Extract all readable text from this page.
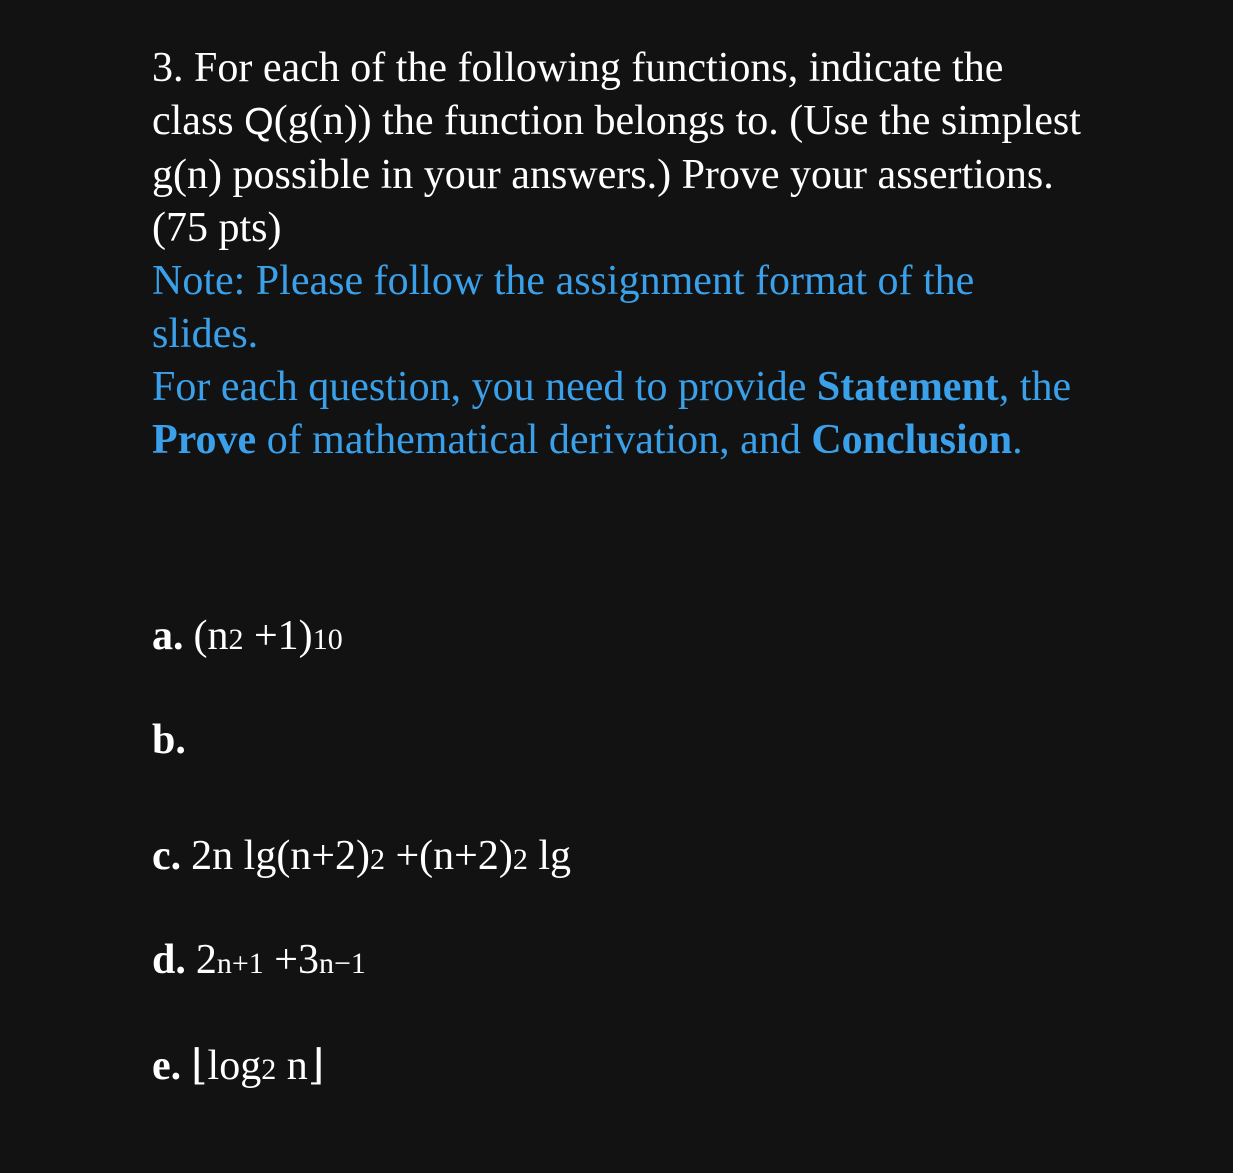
3. For each of the following functions, indicate the
class Q(g(n)) the function belongs to. (Use the simplest
g(n) possible in your answers.) Prove your assertions.
(75 pts)

Note: Please follow the assignment format of the
slides.
For each question, you need to provide Statement, the
Prove of mathematical derivation, and Conclusion.

a. (n2 +1)10
b.
c. 2n lg(n+2)2 +(n+2)2 lg
d. 2n+1 +3n−1
e. ⌊log2 n⌋
